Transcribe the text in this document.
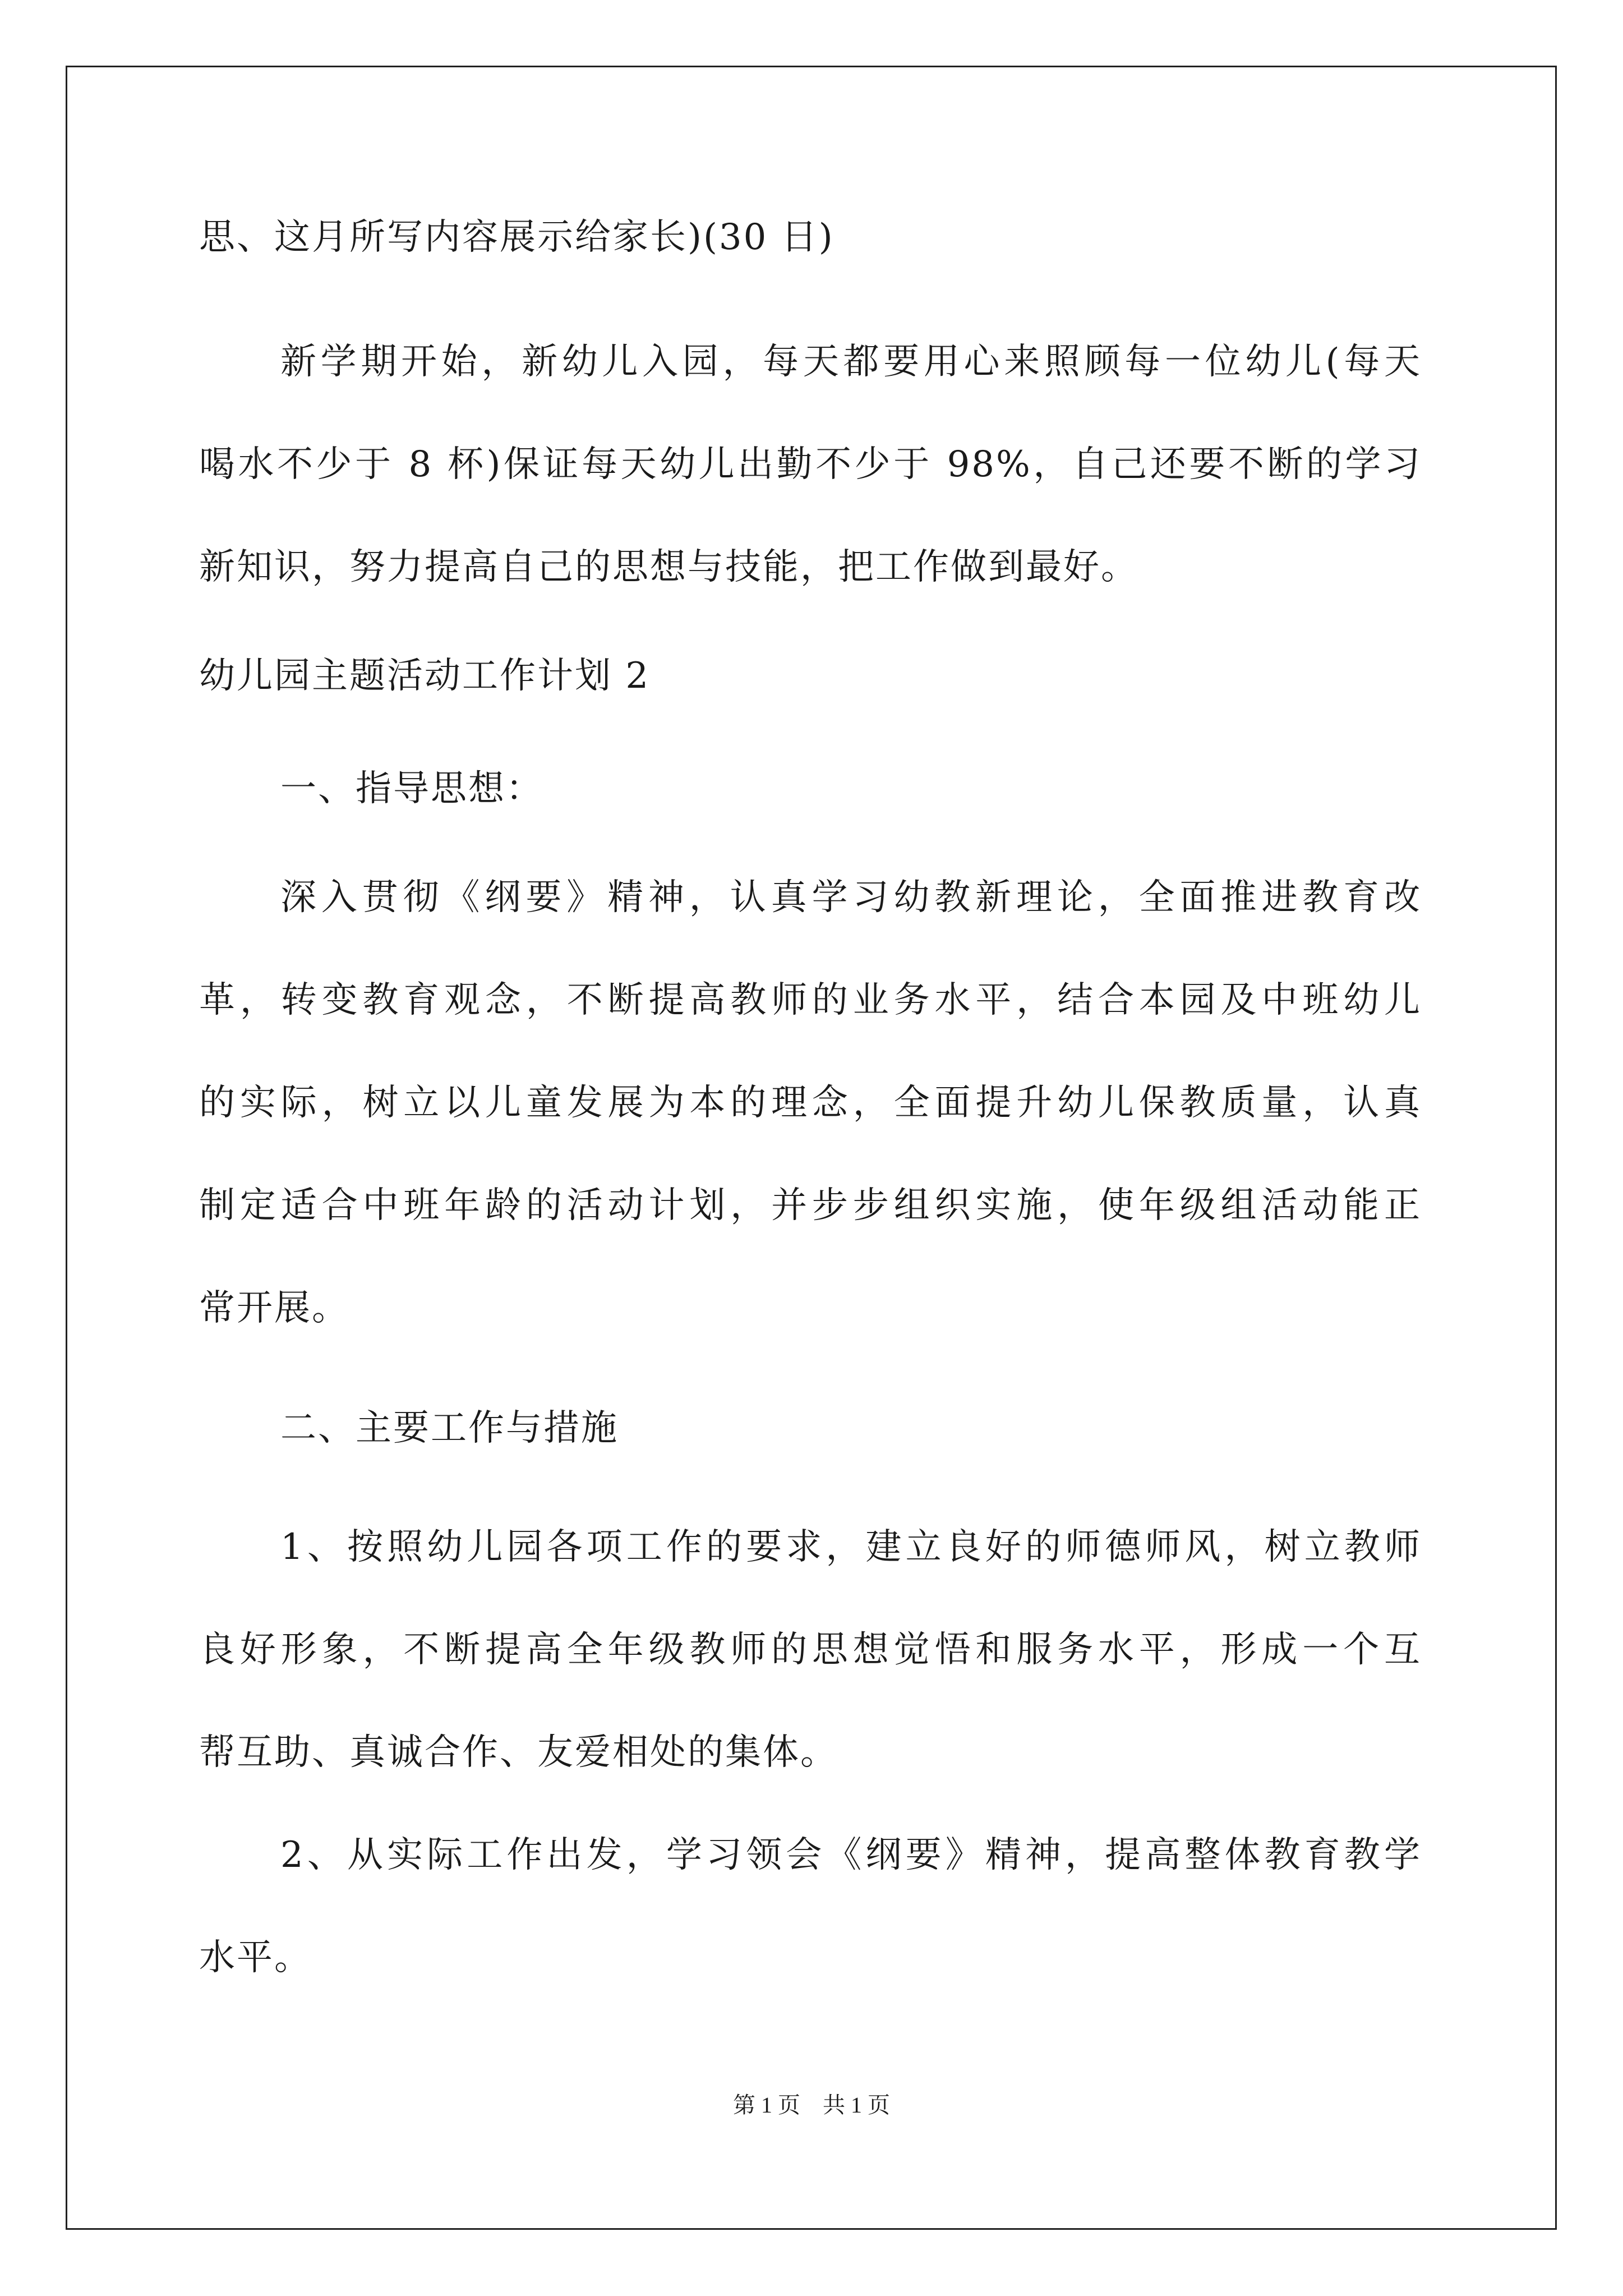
思、这月所写内容展示给家长)(30 日)
新学期开始，新幼儿入园，每天都要用心来照顾每一位幼儿(每天
喝水不少于 8 杯)保证每天幼儿出勤不少于 98%，自己还要不断的学习
新知识，努力提高自己的思想与技能，把工作做到最好。
幼儿园主题活动工作计划 2
一、指导思想：
深入贯彻《纲要》精神，认真学习幼教新理论，全面推进教育改
革，转变教育观念，不断提高教师的业务水平，结合本园及中班幼儿
的实际，树立以儿童发展为本的理念，全面提升幼儿保教质量，认真
制定适合中班年龄的活动计划，并步步组织实施，使年级组活动能正
常开展。
二、主要工作与措施
1、按照幼儿园各项工作的要求，建立良好的师德师风，树立教师
良好形象，不断提高全年级教师的思想觉悟和服务水平，形成一个互
帮互助、真诚合作、友爱相处的集体。
2、从实际工作出发，学习领会《纲要》精神，提高整体教育教学
水平。
第 1 页　共 1 页
